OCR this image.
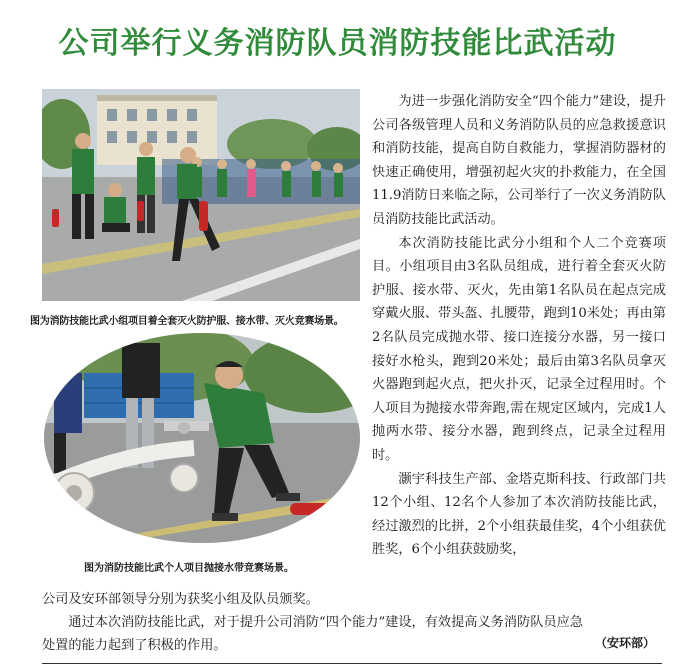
公司举行义务消防队员消防技能比武活动
图为消防技能比武小组项目着全套灭火防护服、接水带、灭火竞赛场景。
图为消防技能比武个人项目抛接水带竞赛场景。

为进一步强化消防安全“四个能力”建设，提升公司各级管理人员和义务消防队员的应急救援意识和消防技能，提高自防自救能力，掌握消防器材的快速正确使用，增强初起火灾的扑救能力，在全国11.9消防日来临之际，公司举行了一次义务消防队员消防技能比武活动。

本次消防技能比武分小组和个人二个竞赛项目。小组项目由3名队员组成，进行着全套灭火防护服、接水带、灭火，先由第1名队员在起点完成穿戴火服、带头盔、扎腰带，跑到10米处；再由第2名队员完成抛水带、接口连接分水器，另一接口接好水枪头，跑到20米处；最后由第3名队员拿灭火器跑到起火点，把火扑灭，记录全过程用时。个人项目为抛接水带奔跑,需在规定区域内，完成1人抛两水带、接分水器，跑到终点，记录全过程用时。

灏宇科技生产部、金塔克斯科技、行政部门共12个小组、12名个人参加了本次消防技能比武，经过激烈的比拼，2个小组获最佳奖，4个小组获优胜奖，6个小组获鼓励奖，

公司及安环部领导分别为获奖小组及队员颁奖。
通过本次消防技能比武，对于提升公司消防“四个能力”建设，有效提高义务消防队员应急
处置的能力起到了积极的作用。	（安环部）
